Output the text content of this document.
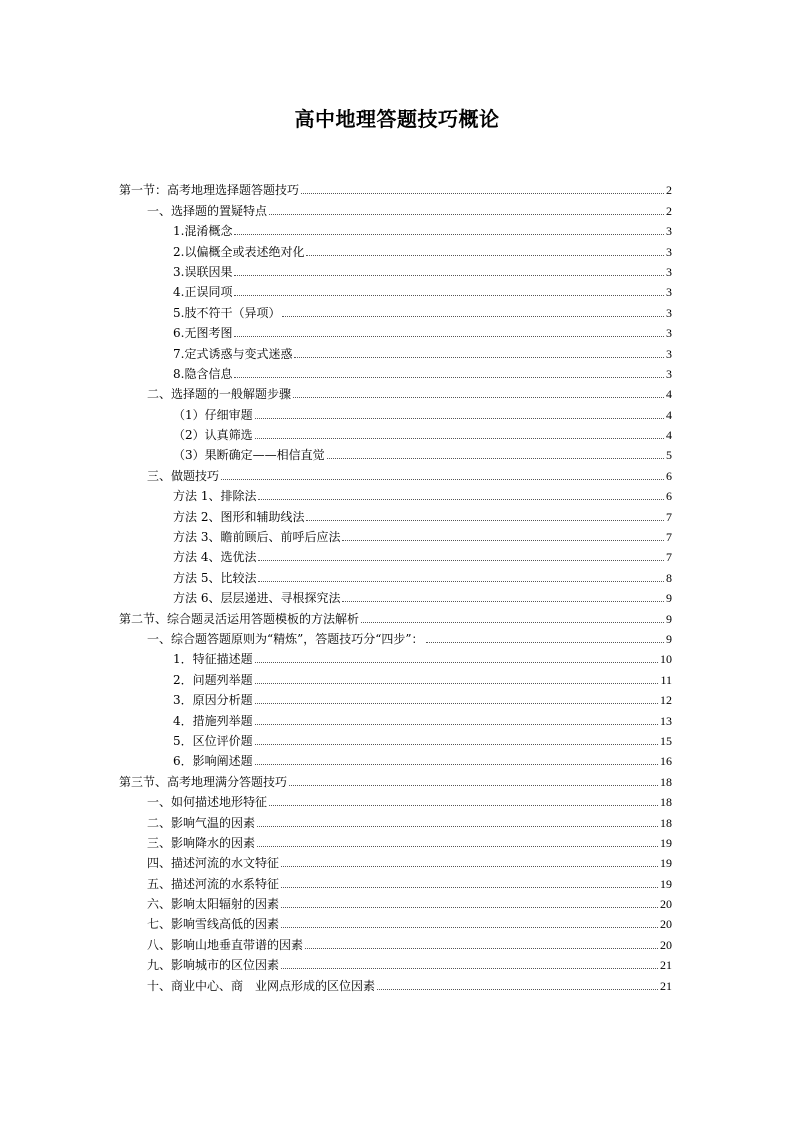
高中地理答题技巧概论
第一节：高考地理选择题答题技巧	2
一、选择题的置疑特点	2
1.混淆概念	3
2.以偏概全或表述绝对化	3
3.误联因果	3
4.正误同项	3
5.肢不符干（异项）	3
6.无图考图	3
7.定式诱惑与变式迷惑	3
8.隐含信息	3
二、选择题的一般解题步骤	4
（1）仔细审题	4
（2）认真筛选	4
（3）果断确定——相信直觉	5
三、做题技巧	6
方法 1、排除法	6
方法 2、图形和辅助线法	7
方法 3、瞻前顾后、前呼后应法	7
方法 4、选优法	7
方法 5、比较法	8
方法 6、层层递进、寻根探究法	9
第二节、综合题灵活运用答题模板的方法解析	9
一、综合题答题原则为“精炼”，答题技巧分“四步”：	9
1．特征描述题	10
2．问题列举题	11
3．原因分析题	12
4．措施列举题	13
5．区位评价题	15
6．影响阐述题	16
第三节、高考地理满分答题技巧	18
一、如何描述地形特征	18
二、影响气温的因素	18
三、影响降水的因素	19
四、描述河流的水文特征	19
五、描述河流的水系特征	19
六、影响太阳辐射的因素	20
七、影响雪线高低的因素	20
八、影响山地垂直带谱的因素	20
九、影响城市的区位因素	21
十、商业中心、商　业网点形成的区位因素	21
